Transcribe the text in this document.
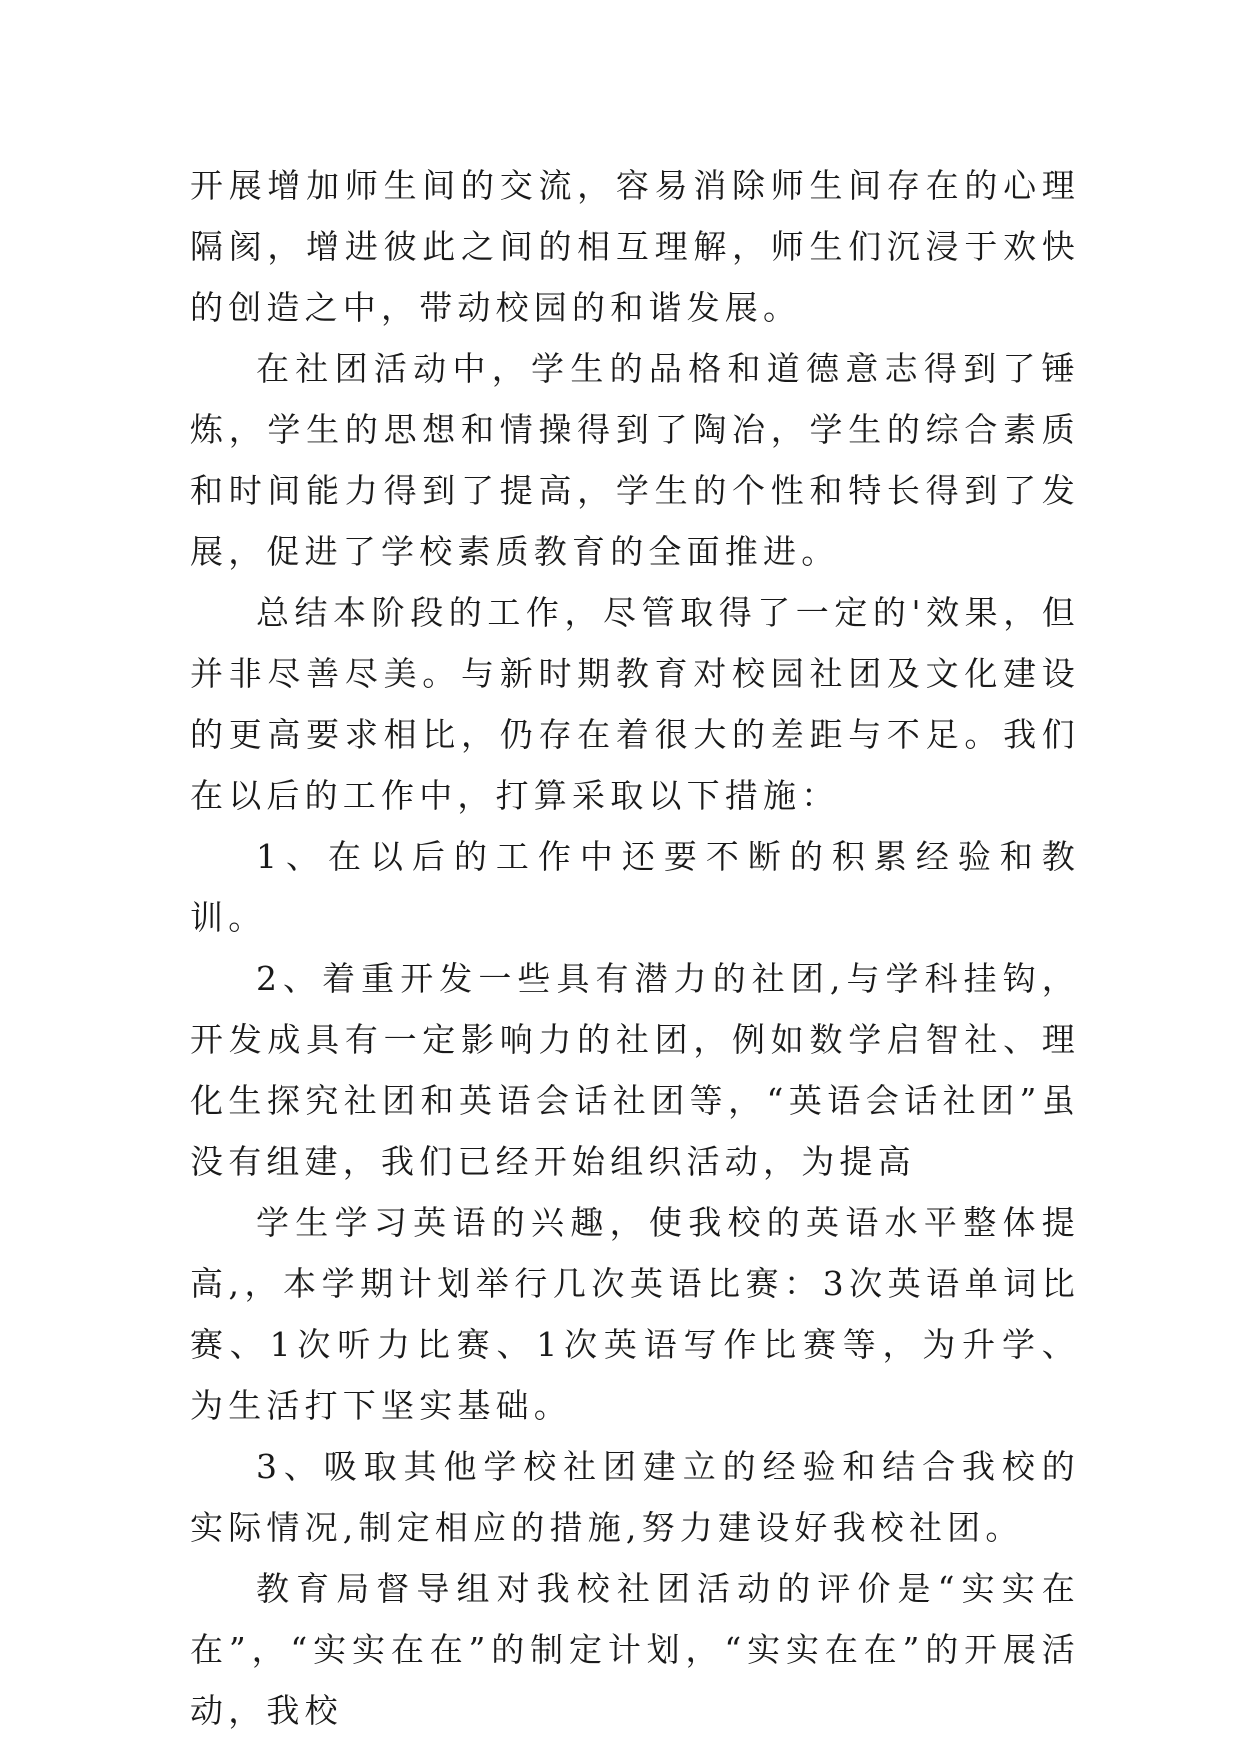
开展增加师生间的交流，容易消除师生间存在的心理隔阂，增进彼此之间的相互理解，师生们沉浸于欢快的创造之中，带动校园的和谐发展。

在社团活动中，学生的品格和道德意志得到了锤炼，学生的思想和情操得到了陶冶，学生的综合素质和时间能力得到了提高，学生的个性和特长得到了发展，促进了学校素质教育的全面推进。

总结本阶段的工作，尽管取得了一定的'效果，但并非尽善尽美。与新时期教育对校园社团及文化建设的更高要求相比，仍存在着很大的差距与不足。我们在以后的工作中，打算采取以下措施：

1、在以后的工作中还要不断的积累经验和教训。

2、着重开发一些具有潜力的社团,与学科挂钩，开发成具有一定影响力的社团，例如数学启智社、理化生探究社团和英语会话社团等，“英语会话社团”虽没有组建，我们已经开始组织活动，为提高

学生学习英语的兴趣，使我校的英语水平整体提高,，本学期计划举行几次英语比赛：3次英语单词比赛、1次听力比赛、1次英语写作比赛等，为升学、为生活打下坚实基础。

3、吸取其他学校社团建立的经验和结合我校的实际情况,制定相应的措施,努力建设好我校社团。

教育局督导组对我校社团活动的评价是“实实在在”，“实实在在”的制定计划，“实实在在”的开展活动，我校
